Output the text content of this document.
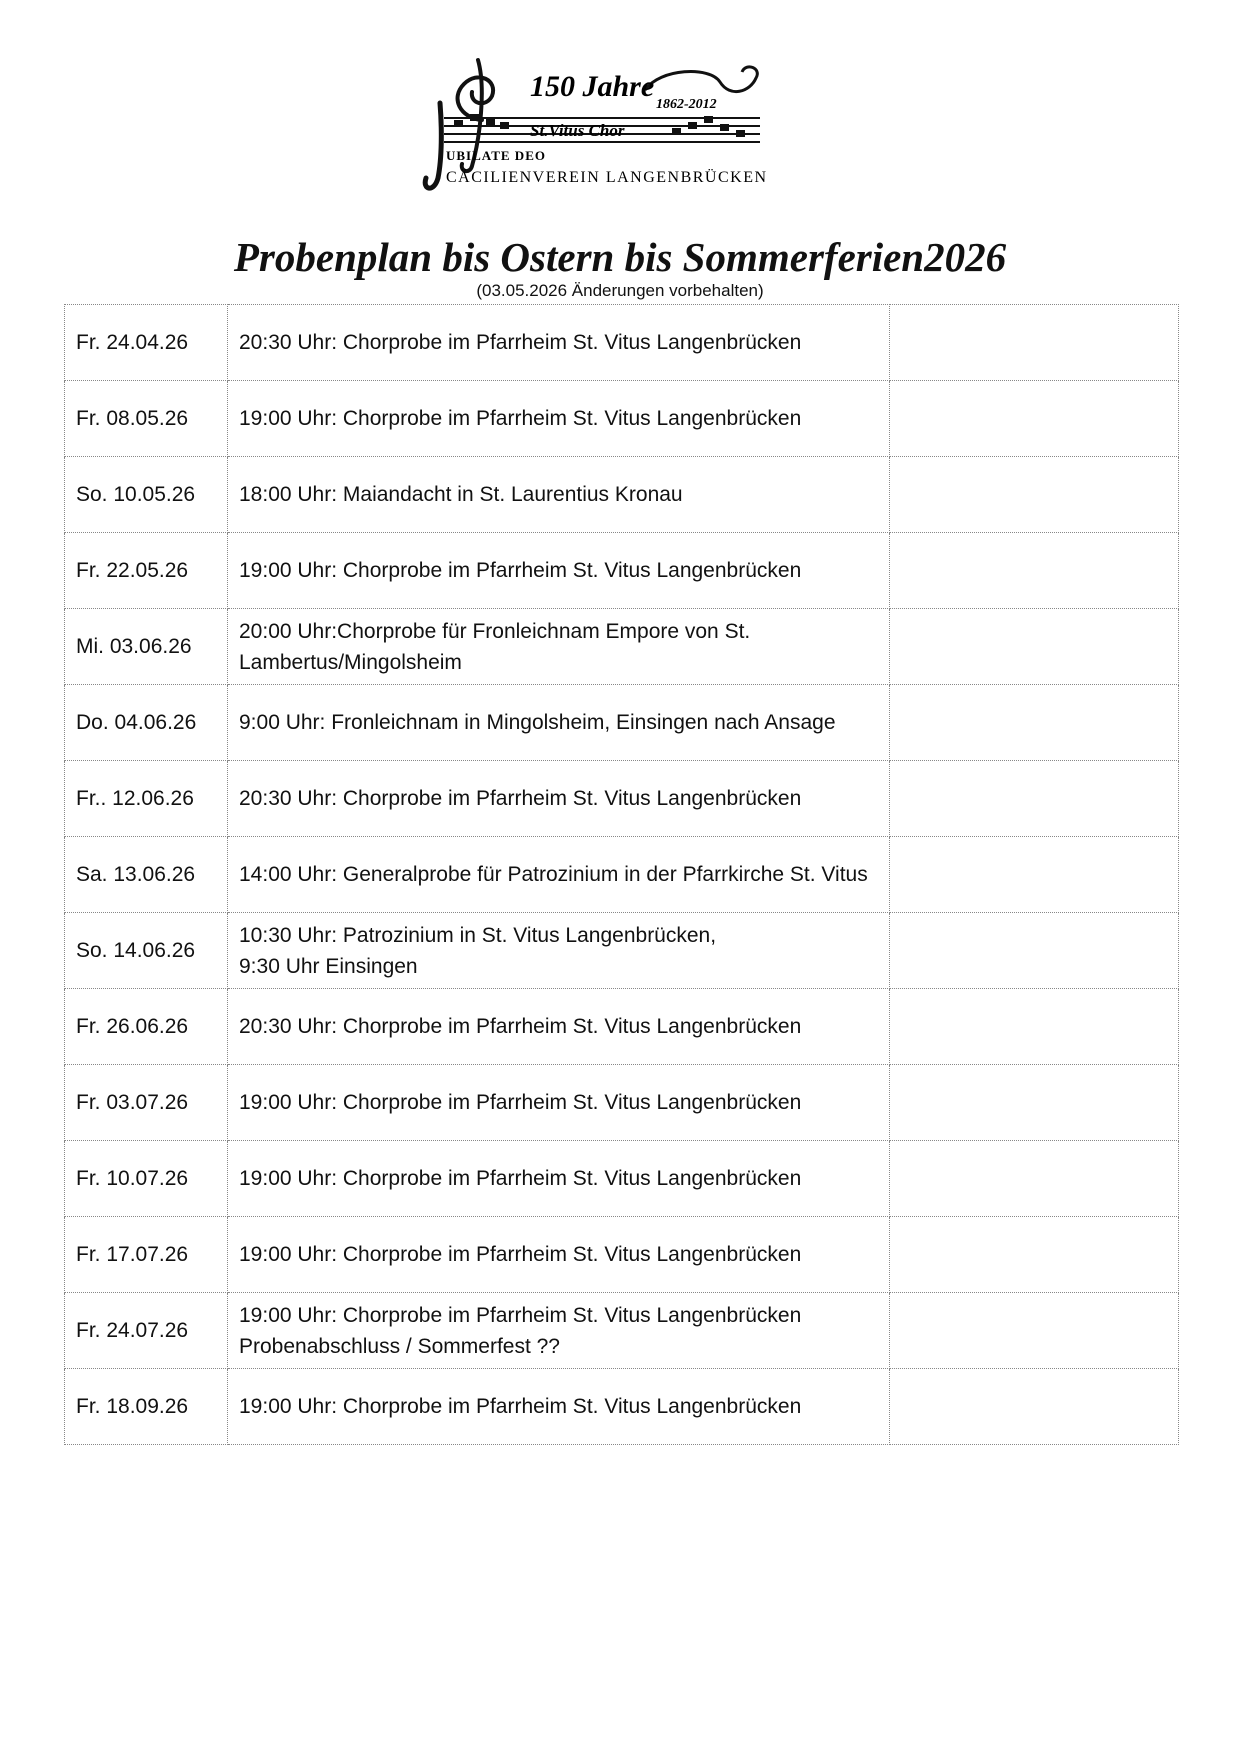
150 Jahre
1862-2012
St.Vitus Chor
UBILATE DEO
CÄCILIENVEREIN LANGENBRÜCKEN
Probenplan bis Ostern bis Sommerferien2026
(03.05.2026 Änderungen vorbehalten)
Fr. 24.04.26	20:30 Uhr: Chorprobe im Pfarrheim St. Vitus Langenbrücken	

Fr. 08.05.26	19:00 Uhr: Chorprobe im Pfarrheim St. Vitus Langenbrücken	

So. 10.05.26	18:00 Uhr: Maiandacht in St. Laurentius Kronau	

Fr. 22.05.26	19:00 Uhr: Chorprobe im Pfarrheim St. Vitus Langenbrücken	

Mi. 03.06.26	20:00 Uhr:Chorprobe für Fronleichnam Empore von St. Lambertus/Mingolsheim	

Do. 04.06.26	9:00 Uhr: Fronleichnam in Mingolsheim, Einsingen nach Ansage	

Fr.. 12.06.26	20:30 Uhr: Chorprobe im Pfarrheim St. Vitus Langenbrücken	

Sa. 13.06.26	14:00 Uhr: Generalprobe für Patrozinium in der Pfarrkirche St. Vitus	

So. 14.06.26	10:30 Uhr: Patrozinium in St. Vitus Langenbrücken,
9:30 Uhr Einsingen	

Fr. 26.06.26	20:30 Uhr: Chorprobe im Pfarrheim St. Vitus Langenbrücken	

Fr. 03.07.26	19:00 Uhr: Chorprobe im Pfarrheim St. Vitus Langenbrücken	

Fr. 10.07.26	19:00 Uhr: Chorprobe im Pfarrheim St. Vitus Langenbrücken	

Fr. 17.07.26	19:00 Uhr: Chorprobe im Pfarrheim St. Vitus Langenbrücken	

Fr. 24.07.26	19:00 Uhr: Chorprobe im Pfarrheim St. Vitus Langenbrücken
Probenabschluss / Sommerfest ??	

Fr. 18.09.26	19:00 Uhr: Chorprobe im Pfarrheim St. Vitus Langenbrücken	
